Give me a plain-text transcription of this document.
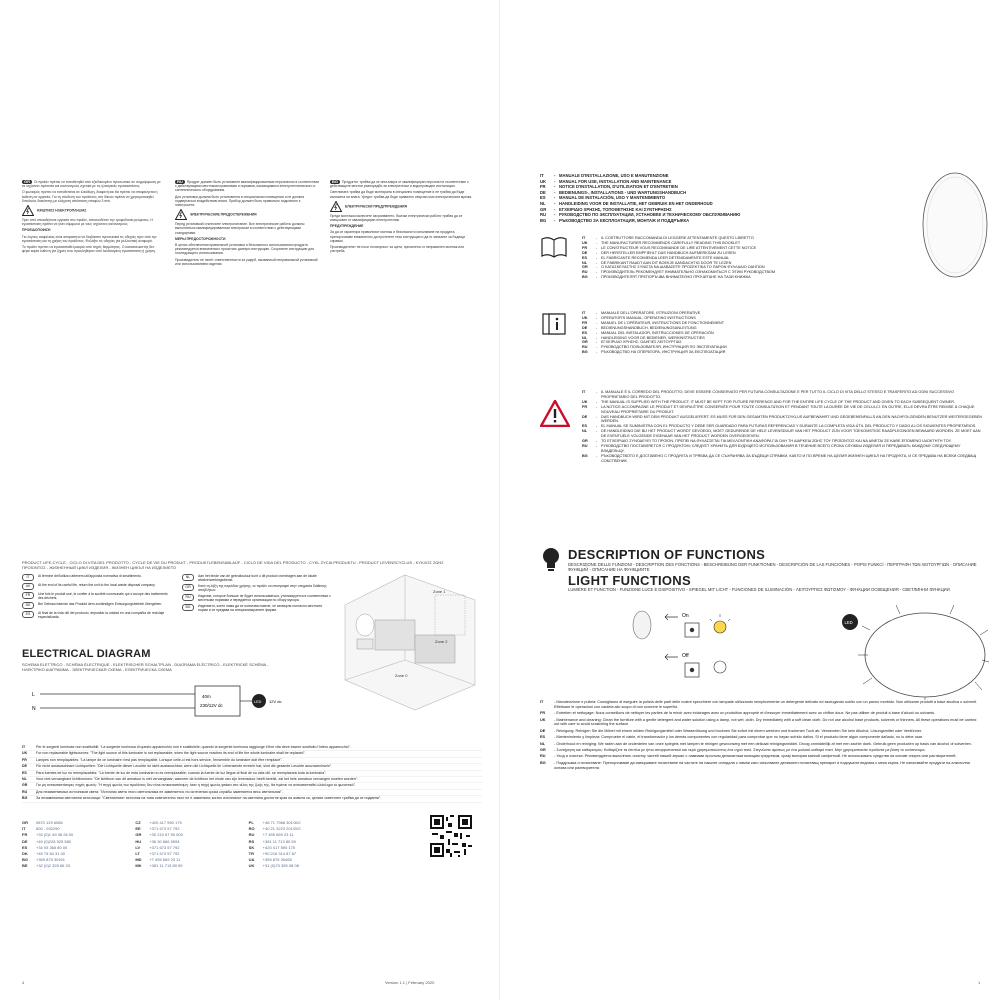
GR Οι προϊόν πρέπει να τοποθετηθεί από εξειδικευμένο προσωπικό σε συμμόρφωση με τα ισχύοντα πρότυπα και κανονισμούς σχετικά με τις ηλεκτρικές εγκαταστάσεις.
Ο φωτισμός πρέπει να τοποθετείται σε ελεύθερη, διαφανή και θα πρέπει να αποφεύγεται η έκθεση σε υγρασία. Για τη σύνδεση του προϊόντος στο δίκτυο πρέπει να χρησιμοποιηθεί διπολικός διακόπτης με ελάχιστη απόσταση επαφών 3 mm.
ΚΙΝΔΥΝΟΣ ΗΛΕΚΤΡΟΠΛΗΞΙΑΣ
Πριν από οποιαδήποτε εργασία στο προϊόν, αποσυνδέστε την τροφοδοσία ρεύματος. Η εγκατάσταση πρέπει να γίνει σύμφωνα με τους ισχύοντες κανονισμούς.
ΠΡΟΕΙΔΟΠΟΙΗΣΗ
Για λόγους ασφαλείας είναι απαραίτητο να διαβάσετε προσεκτικά τις οδηγίες πριν από την εγκατάσταση και τη χρήση του προϊόντος. Φυλάξτε τις οδηγίες για μελλοντική αναφορά.
Το προϊόν πρέπει να εγκατασταθεί μακριά από πηγές θερμότητας. Ο κατασκευαστής δεν φέρει καμία ευθύνη για ζημιές που προκλήθηκαν από λανθασμένη εγκατάσταση ή χρήση.
RU Продукт должен быть установлен квалифицированным персоналом в соответствии с действующими местными правилами и нормами, касающимися электротехнического и сантехнического оборудования.
Для установки должна быть установлена в специальном помещении и не должна подвергаться воздействию влаги. Прибор должен быть правильно подключен к электросети.
ЭЛЕКТРИЧЕСКИЕ ПРЕДОСТЕРЕЖЕНИЯ
Перед установкой отключите электропитание. Все электрические работы должны выполняться квалифицированным электриком в соответствии с действующими стандартами.
МЕРЫ ПРЕДОСТОРОЖНОСТИ
В целях обеспечения правильной установки и безопасного использования продукта рекомендуется внимательно прочитать данную инструкцию. Сохраните инструкцию для последующего использования.
Производитель не несёт ответственности за ущерб, вызванный неправильной установкой или использованием изделия.
BG Продуктът трябва да се инсталира от квалифициран персонал в съответствие с действащите местни разпоредби за електрически и водопроводни инсталации.
Светлината трябва да бъде монтирана в специално помещение и не трябва да бъде изложена на влага. Уредът трябва да бъде правилно свързан към електрическата мрежа.
ЕЛЕКТРИЧЕСКИ ПРЕДУПРЕЖДЕНИЯ
Преди монтажа изключете захранването. Всички електрически работи трябва да се извършват от квалифициран електротехник.
ПРЕДУПРЕЖДЕНИЕ
За да се гарантира правилният монтаж и безопасното използване на продукта, препоръчваме внимателно да прочетете тези инструкции и да ги запазите за бъдещи справки.
Производителят не носи отговорност за щети, причинени от неправилен монтаж или употреба.
PRODUCT LIFE-CYCLE - CICLO DI VITA DEL PRODOTTO - CYCLE DE VIE DU PRODUIT - PRODUKTLEBENSABLAUF - CICLO DE VIDA DEL PRODUCTO - CYKL ŻYCIA PRODUKTU - PRODUCT LEVENSCYCLUS - ΚΥΚΛΟΣ ΖΩΗΣ ΠΡΟΪΟΝΤΟΣ - ЖИЗНЕННЫЙ ЦИКЛ ИЗДЕЛИЯ - ЖИЗНЕН ЦИКЪЛ НА ИЗДЕЛИЕТО
IT	Al termine dell'utilizzo attenersi all'apposita normativa di smaltimento.
UK	At the end of its useful life, return the unit to the local waste disposal company.
FR	Une fois le produit usé, le confier à la société communale qui s'occupe des traitements des déchets.
DE	Bei Gebrauchsende das Produkt dem zuständigen Entsorgungsbetrieb übergeben.
ES	Al final de la vida útil del producto, depositar la unidad en una compañía de reciclaje especializada.
NL	Aan het einde van de gebruiksduur kunt u dit product overdragen aan de lokale afvalverwerkingsdienst.
GR	Κατά τη λήξη της περιόδου χρήσης, το προϊόν να επιστραφεί στην υπηρεσία διάθεσης αποβλήτων.
RU	Изделие, которое больше не будет использоваться, утилизируется в соответствии с местными нормами и передаётся организации по сбору мусора.
BG	Изделието, което няма да се използва повече, се изхвърля съгласно местните норми и се предава на специализираните фирми.
Zone 1
Zone 2
Zone 0
ELECTRICAL DIAGRAM
SCHEMA ELETTRICO - SCHÉMA ÉLECTRIQUE - ELEKTRISCHER SCHALTPLAN - DIAGRAMA ELÉCTRICO - ELEKTRICKÉ SCHÉMA - ΗΛΕΚΤΡΙΚΟ ΔΙΑΓΡΑΜΜΑ - ЭЛЕКТРИЧЕСКАЯ СХЕМА - ЕЛЕКТРИЧЕСКА СХЕМА
L
N
40m
230/12V dc
LED 12V dc
IT	Per le sorgenti luminose non sostituibili: "La sorgente luminosa di questo apparecchio non è sostituibile; quando la sorgente luminosa raggiunge il fine vita deve essere sostituito l'intero apparecchio".
UK	For non replaceable lightsources: "The light source of this luminaire is not replaceable; when the light source reaches its end of life the whole luminaire shall be replaced".
FR	Lampes non remplaçables: "La lampe de ce luminaire n'est pas remplaçable. Lorsque celle-ci est hors service, l'ensemble du luminaire doit être remplacé".
DE	Für nicht austauschbare Lichtquellen: "Die Lichtquelle dieser Leuchte ist nicht austauschbar; wenn die Lichtquelle ihr Lebensende erreicht hat, sind die gesamte Leuchte auszuwechseln".
ES	Para fuentes de luz no reemplazables: "La fuente de luz de esta luminaria no es reemplazable; cuando la fuente de luz llegue al final de su vida útil, se reemplazará toda la luminaria".
NL	Voor niet-vervangbare lichtbronnen: "De lichtbron van dit armatuur is niet vervangbaar; wanneer de lichtbron het einde van zijn levensduur heeft bereikt, zal het hele armatuur vervangen moeten worden".
GR	Για μη αντικαταστάσιμες πηγές φωτός: "Η πηγή φωτός του προϊόντος δεν είναι αντικαταστάσιμη· όταν η πηγή φωτός φτάσει στο τέλος της ζωής της, θα πρέπει να αντικατασταθεί ολόκληρο το φωτιστικό".
RU	Для незаменяемых источников света: "Источник света этого светильника не заменяется; по истечении срока службы заменяется весь светильник".
BG	За незаменяеми светлинни източници: "Светлинният източник на това осветително тяло не е заменяем; когато източникът на светлина достигне края на живота си, целият осветител трябва да се подмени".
GR	0870 129 6086
IT	800 - 932290
FR	+33 (0)1 49 38 26 00
DE	+49 (0)228 525 580
ES	+34 93 365 80 00
DK	+45 75 84 31 00
BG	+359 875 30401
BE	+32 (0)2 325 66 33
CZ	+420 417 590 175
EE	+371 673 57 792
GR	+30 210 67 90 000
HU	+36 30 866 5594
LV	+371 673 57 792
LT	+371 673 57 792
MD	+7 495 669 23 11
MK	+381 11 713 80 59
PL	+48 71 7968 301/302
RO	+40 21 3223 201/202
RU	+7 495 669 23 11
RS	+381 11 713 80 59
SK	+420 417 590 175
TR	+90 216 314 87 87
UA	+359 875 30468
UK	+31 (0)73 355 08 08
4	Version 1.1 | February 2020
IT	- MANUALE D'INSTALLAZIONE, USO E MANUTENZIONE
UK	- MANUAL FOR USE, INSTALLATION AND MAINTENANCE
FR	- NOTICE D'INSTALLATION, D'UTILISATION ET D'ENTRETIEN
DE	- BEDIENUNGS-, INSTALLATIONS - UND WARTUNGSHANDBUCH
ES	- MANUAL DE INSTALACIÓN, USO Y MANTENIMIENTO
NL	- HANDLEIDING VOOR DE INSTALLATIE, HET GEBRUIK EN HET ONDERHOUD
GR	- ΕΓΧΕΙΡΙΔΙΟ ΧΡΗΣΗΣ, ΤΟΠΟΘΕΤΗΣΗΣ ΚΑΙ ΣΥΝΤΗΡΗΣΗΣ
RU	- РУКОВОДСТВО ПО ЭКСПЛУАТАЦИИ, УСТАНОВКЕ И ТЕХНИЧЕСКОМУ ОБСЛУЖИВАНИЮ
BG	- РЪКОВОДСТВО ЗА ЕКСПЛОАТАЦИЯ, МОНТАЖ И ПОДДРЪЖКА
IT	- IL COSTRUTTORE RACCOMANDA DI LEGGERE ATTENTAMENTE QUESTO LIBRETTO
UK	- THE MANUFACTURER RECOMMENDS CAREFULLY READING THIS BOOKLET
FR	- LE CONSTRUCTEUR VOUS RECOMMANDE DE LIRE ATTENTIVEMENT CETTE NOTICE
DE	- DER HERSTELLER EMPFIEHLT DAS HANDBUCH AUFMERKSAM ZU LESEN
ES	- EL FABRICANTE RECOMIENDA LEER DETENIDAMENTE ESTE MANUAL
NL	- DE FABRIKANT RAADT AAN DIT BOEKJE AANDACHTIG DOOR TE LEZEN
GR	- Ο ΚΑΤΑΣΚΕΥΑΣΤΗΣ ΣΥΝΙΣΤΑ ΝΑ ΔΙΑΒΑΣΕΤΕ ΠΡΟΣΕΚΤΙΚΑ ΤΟ ΠΑΡΟΝ ΦΥΛΛΑΔΙΟ ΟΔΗΓΙΩΝ
RU	- ПРОИЗВОДИТЕЛЬ РЕКОМЕНДУЕТ ВНИМАТЕЛЬНО ОЗНАКОМИТЬСЯ С ЭТИМ РУКОВОДСТВОМ
BG	- ПРОИЗВОДИТЕЛЯТ ПРЕПОРЪЧВА ВНИМАТЕЛНО ПРОЧИТАНЕ НА ТАЗИ КНИЖКА
IT	- MANUALE DELL'OPERATORE, ISTRUZIONI OPERATIVE
UK	- OPERATOR'S MANUAL, OPERATING INSTRUCTIONS
FR	- MANUEL DE L'OPÉRATEUR, INSTRUCTIONS DE FONCTIONNEMENT
DE	- BEDIENUNGSHANDBUCH, BEDIENUNGSANLEITUNG
ES	- MANUAL DEL INSTALADOR, INSTRUCCIONES DE OPERACIÓN
NL	- HANDLEIDING VOOR DE BEDIENER, WERKINSTRUCTIES
GR	- ΕΓΧΕΙΡΙΔΙΟ ΧΡΗΣΗΣ, ΟΔΗΓΙΕΣ ΛΕΙΤΟΥΡΓΙΑΣ
RU	- РУКОВОДСТВО ПОЛЬЗОВАТЕЛЯ, ИНСТРУКЦИЯ ПО ЭКСПЛУАТАЦИИ
BG	- РЪКОВОДСТВО НА ОПЕРАТОРА, ИНСТРУКЦИЯ ЗА ЕКСПЛОАТАЦИЯ
IT	- IL MANUALE È IL CORREDO DEL PRODOTTO; DEVE ESSERE CONSERVATO PER FUTURA CONSULTAZIONE E PER TUTTO IL CICLO DI VITA DELLO STESSO E TRASFERITO AD OGNI SUCCESSIVO PROPRIETARIO DEL PRODOTTO.
UK	- THE MANUAL IS SUPPLIED WITH THE PRODUCT; IT MUST BE KEPT FOR FUTURE REFERENCE AND FOR THE ENTIRE LIFE CYCLE OF THE PRODUCT AND GIVEN TO EACH SUBSEQUENT OWNER.
FR	- LA NOTICE ACCOMPAGNE LE PRODUIT ET DEVRA ÊTRE CONSERVÉE POUR TOUTE CONSULTATION ET PENDANT TOUTE LA DURÉE DE VIE DE CELUI-CI. EN OUTRE, ELLE DEVRA ÊTRE REMISE À CHAQUE NOUVEAU PROPRIÉTAIRE DU PRODUIT.
DE	- DAS HANDBUCH WIRD MIT DEM PRODUKT AUSGELIEFERT. ES MUSS FÜR DEN GESAMTEN PRODUKTZYKLUS AUFBEWAHRT UND GEGEBENENFALLS AN DEN NACHFOLGENDEN BENUTZER WEITERGEGEBEN WERDEN.
ES	- EL MANUAL SE SUMINISTRA CON EL PRODUCTO Y DEBE SER GUARDADO PARA FUTURAS REFERENCIAS Y DURANTE LA COMPLETA VIDA ÚTIL DEL PRODUCTO Y DADO A LOS SIGUIENTES PROPIETARIOS.
NL	- DE HANDLEIDING DIE BIJ HET PRODUCT WORDT GEVOEGD, MOET GEDURENDE DE HELE LEVENSDUUR VAN HET PRODUCT ZIJN VOOR TOEKOMSTIGE RAADPLEGINGEN BEWAARD WORDEN. ZE MOET AAN DE EVENTUELE VOLGENDE EIGENAAR VAN HET PRODUCT WORDEN OVERGEGEVEN.
GR	- ΤΟ ΕΓΧΕΙΡΙΔΙΟ ΣΥΝΟΔΕΥΕΙ ΤΟ ΠΡΟΪΟΝ. ΠΡΕΠΕΙ ΝΑ ΦΥΛΑΣΣΕΤΑΙ ΓΙΑ ΜΕΛΛΟΝΤΙΚΗ ΑΝΑΦΟΡΑ ΓΙΑ ΟΛΗ ΤΗ ΔΙΑΡΚΕΙΑ ΖΩΗΣ ΤΟΥ ΠΡΟΪΟΝΤΟΣ ΚΑΙ ΝΑ ΔΙΝΕΤΑΙ ΣΕ ΚΑΘΕ ΕΠΟΜΕΝΟ ΙΔΙΟΚΤΗΤΗ ΤΟΥ.
RU	- РУКОВОДСТВО ПОСТАВЛЯЕТСЯ С ПРОДУКТОМ; СЛЕДУЕТ ХРАНИТЬ ДЛЯ БУДУЩЕГО ИСПОЛЬЗОВАНИЯ В ТЕЧЕНИЕ ВСЕГО СРОКА СЛУЖБЫ ИЗДЕЛИЯ И ПЕРЕДАВАТЬ КАЖДОМУ СЛЕДУЮЩЕМУ ВЛАДЕЛЬЦУ.
BG	- РЪКОВОДСТВОТО Е ДОСТАВЕНО С ПРОДУКТА И ТРЯБВА ДА СЕ СЪХРАНЯВА ЗА БЪДЕЩИ СПРАВКИ, КАКТО И ПО ВРЕМЕ НА ЦЕЛИЯ ЖИЗНЕН ЦИКЪЛ НА ПРОДУКТА, И СЕ ПРЕДАВА НА ВСЕКИ СЛЕДВАЩ СОБСТВЕНИК.
DESCRIPTION OF FUNCTIONS
DESCRIZIONE DELLE FUNZIONI - DESCRIPTION DES FONCTIONS - BESCHREIBUNG DER FUNKTIONEN - DESCRIPCIÓN DE LAS FUNCIONES - POPIS FUNKCÍ - ΠΕΡΙΓΡΑΦΗ ΤΩΝ ΛΕΙΤΟΥΡΓΙΩΝ - ОПИСАНИЕ ФУНКЦИЙ - ОПИСАНИЕ НА ФУНКЦИИТЕ
LIGHT FUNCTIONS
LUMIÈRE ET FUNCTION - FUNZIONE LUCE E DISPOSITIVO - SPIEGEL MIT LICHT - FUNCIONES DE ILUMINACIÓN - ΛΕΙΤΟΥΡΓΙΕΣ ΦΩΤΙΣΜΟΥ - ФУНКЦИИ ОСВЕЩЕНИЯ - СВЕТЛИННИ ФУНКЦИИ
On
Off
LED
IT	- Manutenzione e pulizia: Consigliamo di eseguire la pulizia delle parti delle nostre specchiere con lampade utilizzando semplicemente un detergente delicato ed asciugando subito con un panno morbido. Non utilizzare prodotti a base alcolica o solventi. Effettuare le operazioni con cautela allo scopo di non scorrere le superfici.
FR	- Entretien et nettoyage: Nous conseillons de nettoyer les parties de la miroir avec éclairages avec un produition approprié et d'essuyer immédiatement avec un chiffon doux. Ne pas utiliser de produit à base d'alcool ou solvants.
UK	- Maintenance and cleaning: Clean the furniture with a gentle detergent and water solution using a damp, not wet, cloth. Dry immediately with a soft clean cloth. Do not use alcohol base products, solvents or thinners. All these operations must be carried out with care to avoid scratching the surface.
DE	- Reinigung: Reinigen Sie die Möbel mit einem milden Reinigungsmittel oder Wasserlösung und trocknen Sie sofort mit einem weichen und trockenen Tuch ab. Verwenden Sie kein Alkohol, Lösungsmittel oder Verdünner.
ES	- Mantenimiento y limpieza: Compruebe el cable, el transformador y los demás componentes con regularidad para comprobar que no hayan sufrido daños. Si el producto tiene algún componente dañado, no lo debe usar.
NL	- Onderhoud en reiniging: We raden aan de onderdelen van onze spiegels met lampen te reinigen gewoonweg met een delicaat reinigingsmiddel. Droog onmiddellijk af met een zachte doek. Gebruik geen producten op basis van alcohol of solventen.
GR	- Συντήρηση και καθαρισμός: Καθαρίζετε τα έπιπλα με ήπιο απορρυπαντικό και νερό χρησιμοποιώντας ένα υγρό πανί. Στεγνώστε αμέσως με ένα μαλακό καθαρό πανί. Μην χρησιμοποιείτε προϊόντα με βάση το οινόπνευμα.
RU	- Уход и очистка: Рекомендуется выполнять очистку частей нашей зеркал с лампами простым деликатным моющим средством, сразу вытирая мягкой салфеткой. Не использовать средства на основе спирта или растворителей.
BG	- Поддръжка и почистване: Препоръчваме да извършвате почистване на частите на нашите огледала с лампи като използвате деликатен почистващ препарат и подсушите веднага с мека кърпа. Не използвайте продукти на алкохолна основа или разтворители.
1
